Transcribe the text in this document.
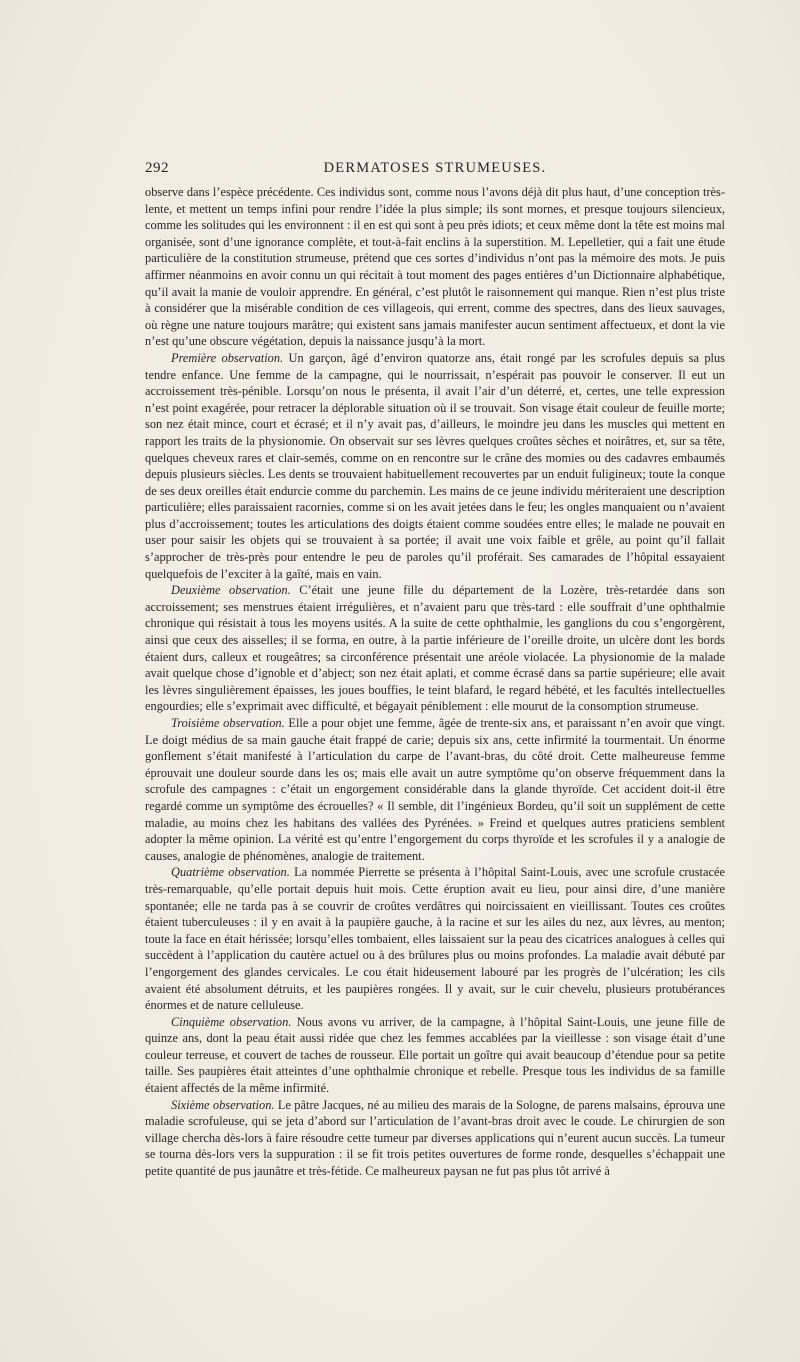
292	DERMATOSES STRUMEUSES.

observe dans l’espèce précédente. Ces individus sont, comme nous l’avons déjà dit plus haut, d’une conception très-lente, et mettent un temps infini pour rendre l’idée la plus simple; ils sont mornes, et presque toujours silencieux, comme les solitudes qui les environnent : il en est qui sont à peu près idiots; et ceux même dont la tête est moins mal organisée, sont d’une ignorance complète, et tout-à-fait enclins à la superstition. M. Lepelletier, qui a fait une étude particulière de la constitution strumeuse, prétend que ces sortes d’individus n’ont pas la mémoire des mots. Je puis affirmer néanmoins en avoir connu un qui récitait à tout moment des pages entières d’un Dictionnaire alphabétique, qu’il avait la manie de vouloir apprendre. En général, c’est plutôt le raisonnement qui manque. Rien n’est plus triste à considérer que la misérable condition de ces villageois, qui errent, comme des spectres, dans des lieux sauvages, où règne une nature toujours marâtre; qui existent sans jamais manifester aucun sentiment affectueux, et dont la vie n’est qu’une obscure végétation, depuis la naissance jusqu’à la mort.

Première observation. Un garçon, âgé d’environ quatorze ans, était rongé par les scrofules depuis sa plus tendre enfance. Une femme de la campagne, qui le nourrissait, n’espérait pas pouvoir le conserver. Il eut un accroissement très-pénible. Lorsqu’on nous le présenta, il avait l’air d’un déterré, et, certes, une telle expression n’est point exagérée, pour retracer la déplorable situation où il se trouvait. Son visage était couleur de feuille morte; son nez était mince, court et écrasé; et il n’y avait pas, d’ailleurs, le moindre jeu dans les muscles qui mettent en rapport les traits de la physionomie. On observait sur ses lèvres quelques croûtes sèches et noirâtres, et, sur sa tête, quelques cheveux rares et clair-semés, comme on en rencontre sur le crâne des momies ou des cadavres embaumés depuis plusieurs siècles. Les dents se trouvaient habituellement recouvertes par un enduit fuligineux; toute la conque de ses deux oreilles était endurcie comme du parchemin. Les mains de ce jeune individu mériteraient une description particulière; elles paraissaient racornies, comme si on les avait jetées dans le feu; les ongles manquaient ou n’avaient plus d’accroissement; toutes les articulations des doigts étaient comme soudées entre elles; le malade ne pouvait en user pour saisir les objets qui se trouvaient à sa portée; il avait une voix faible et grêle, au point qu’il fallait s’approcher de très-près pour entendre le peu de paroles qu’il proférait. Ses camarades de l’hôpital essayaient quelquefois de l’exciter à la gaîté, mais en vain.

Deuxième observation. C’était une jeune fille du département de la Lozère, très-retardée dans son accroissement; ses menstrues étaient irrégulières, et n’avaient paru que très-tard : elle souffrait d’une ophthalmie chronique qui résistait à tous les moyens usités. A la suite de cette ophthalmie, les ganglions du cou s’engorgèrent, ainsi que ceux des aisselles; il se forma, en outre, à la partie inférieure de l’oreille droite, un ulcère dont les bords étaient durs, calleux et rougeâtres; sa circonférence présentait une aréole violacée. La physionomie de la malade avait quelque chose d’ignoble et d’abject; son nez était aplati, et comme écrasé dans sa partie supérieure; elle avait les lèvres singulièrement épaisses, les joues bouffies, le teint blafard, le regard hébété, et les facultés intellectuelles engourdies; elle s’exprimait avec difficulté, et bégayait péniblement : elle mourut de la consomption strumeuse.

Troisième observation. Elle a pour objet une femme, âgée de trente-six ans, et paraissant n’en avoir que vingt. Le doigt médius de sa main gauche était frappé de carie; depuis six ans, cette infirmité la tourmentait. Un énorme gonflement s’était manifesté à l’articulation du carpe de l’avant-bras, du côté droit. Cette malheureuse femme éprouvait une douleur sourde dans les os; mais elle avait un autre symptôme qu’on observe fréquemment dans la scrofule des campagnes : c’était un engorgement considérable dans la glande thyroïde. Cet accident doit-il être regardé comme un symptôme des écrouelles? « Il semble, dit l’ingénieux Bordeu, qu’il soit un supplément de cette maladie, au moins chez les habitans des vallées des Pyrénées. » Freind et quelques autres praticiens semblent adopter la même opinion. La vérité est qu’entre l’engorgement du corps thyroïde et les scrofules il y a analogie de causes, analogie de phénomènes, analogie de traitement.

Quatrième observation. La nommée Pierrette se présenta à l’hôpital Saint-Louis, avec une scrofule crustacée très-remarquable, qu’elle portait depuis huit mois. Cette éruption avait eu lieu, pour ainsi dire, d’une manière spontanée; elle ne tarda pas à se couvrir de croûtes verdâtres qui noircissaient en vieillissant. Toutes ces croûtes étaient tuberculeuses : il y en avait à la paupière gauche, à la racine et sur les ailes du nez, aux lèvres, au menton; toute la face en était hérissée; lorsqu’elles tombaient, elles laissaient sur la peau des cicatrices analogues à celles qui succèdent à l’application du cautère actuel ou à des brûlures plus ou moins profondes. La maladie avait débuté par l’engorgement des glandes cervicales. Le cou était hideusement labouré par les progrès de l’ulcération; les cils avaient été absolument détruits, et les paupières rongées. Il y avait, sur le cuir chevelu, plusieurs protubérances énormes et de nature celluleuse.

Cinquième observation. Nous avons vu arriver, de la campagne, à l’hôpital Saint-Louis, une jeune fille de quinze ans, dont la peau était aussi ridée que chez les femmes accablées par la vieillesse : son visage était d’une couleur terreuse, et couvert de taches de rousseur. Elle portait un goître qui avait beaucoup d’étendue pour sa petite taille. Ses paupières était atteintes d’une ophthalmie chronique et rebelle. Presque tous les individus de sa famille étaient affectés de la même infirmité.

Sixième observation. Le pâtre Jacques, né au milieu des marais de la Sologne, de parens malsains, éprouva une maladie scrofuleuse, qui se jeta d’abord sur l’articulation de l’avant-bras droit avec le coude. Le chirurgien de son village chercha dès-lors à faire résoudre cette tumeur par diverses applications qui n’eurent aucun succès. La tumeur se tourna dès-lors vers la suppuration : il se fit trois petites ouvertures de forme ronde, desquelles s’échappait une petite quantité de pus jaunâtre et très-fétide. Ce malheureux paysan ne fut pas plus tôt arrivé à
